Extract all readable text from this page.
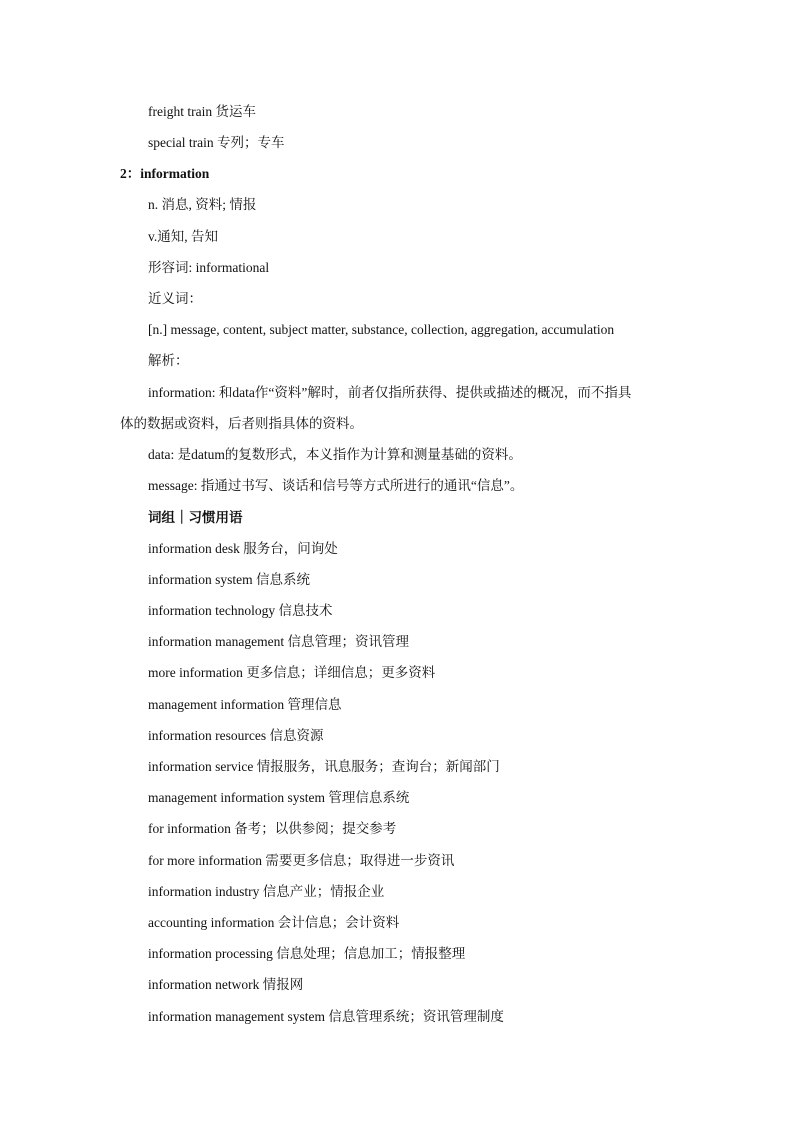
freight train 货运车
special train 专列；专车
2：information
n. 消息, 资料; 情报
v.通知, 告知
形容词: informational
近义词：
[n.] message, content, subject matter, substance, collection, aggregation, accumulation
解析：
information: 和data作“资料”解时，前者仅指所获得、提供或描述的概况，而不指具
体的数据或资料，后者则指具体的资料。
data: 是datum的复数形式，本义指作为计算和测量基础的资料。
message: 指通过书写、谈话和信号等方式所进行的通讯“信息”。
词组｜习惯用语
information desk 服务台，问询处
information system 信息系统
information technology 信息技术
information management 信息管理；资讯管理
more information 更多信息；详细信息；更多资料
management information 管理信息
information resources 信息资源
information service 情报服务，讯息服务；查询台；新闻部门
management information system 管理信息系统
for information 备考；以供参阅；提交参考
for more information 需要更多信息；取得进一步资讯
information industry 信息产业；情报企业
accounting information 会计信息；会计资料
information processing 信息处理；信息加工；情报整理
information network 情报网
information management system 信息管理系统；资讯管理制度
